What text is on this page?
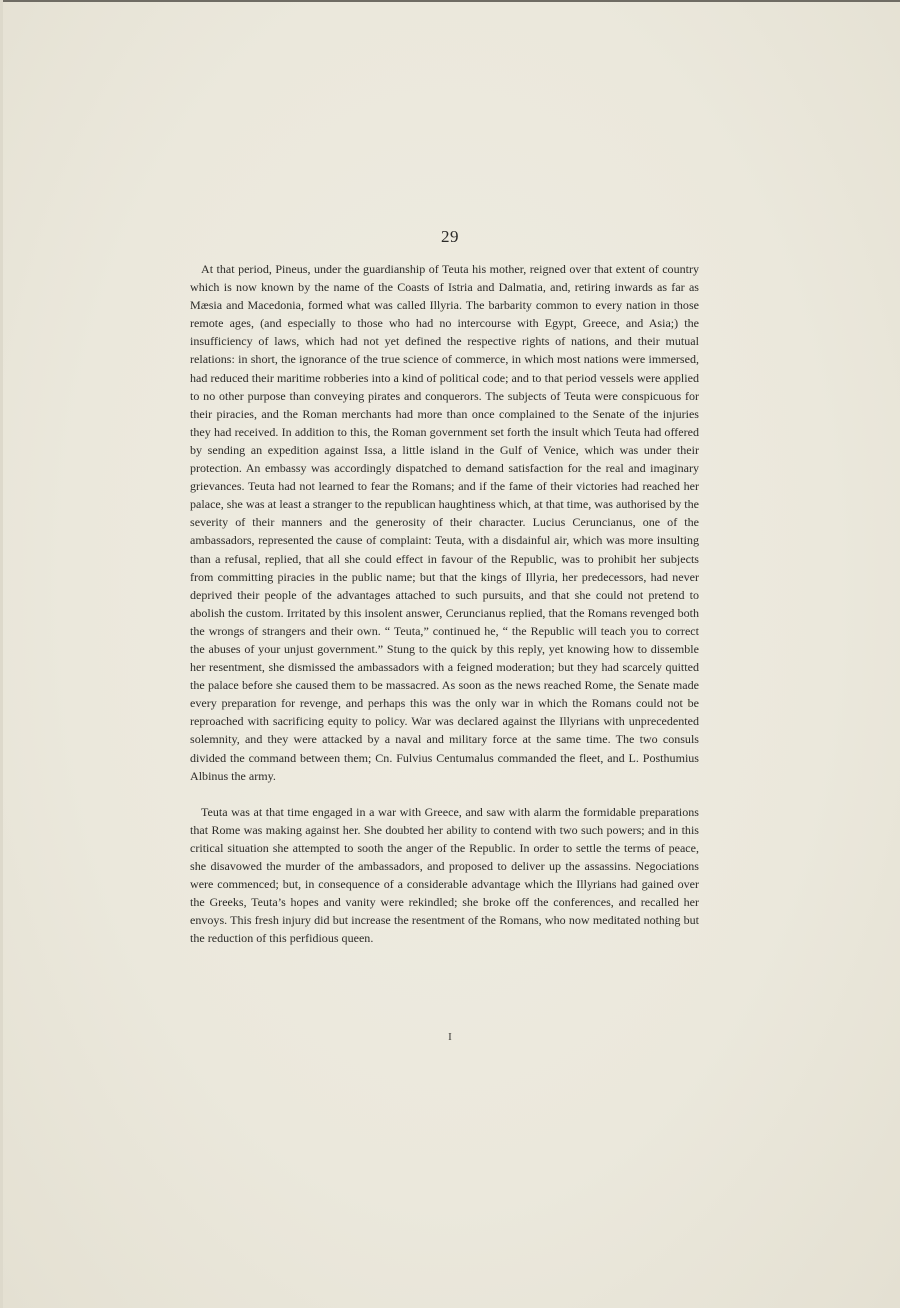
29

At that period, Pineus, under the guardianship of Teuta his mother, reigned over that extent of country which is now known by the name of the Coasts of Istria and Dalmatia, and, retiring inwards as far as Mæsia and Macedonia, formed what was called Illyria. The barbarity common to every nation in those remote ages, (and especially to those who had no intercourse with Egypt, Greece, and Asia;) the insufficiency of laws, which had not yet defined the respective rights of nations, and their mutual relations: in short, the ignorance of the true science of commerce, in which most nations were immersed, had reduced their maritime robberies into a kind of political code; and to that period vessels were applied to no other purpose than conveying pirates and conquerors. The subjects of Teuta were conspicuous for their piracies, and the Roman merchants had more than once complained to the Senate of the injuries they had received. In addition to this, the Roman government set forth the insult which Teuta had offered by sending an expedition against Issa, a little island in the Gulf of Venice, which was under their protection. An embassy was accordingly dispatched to demand satisfaction for the real and imaginary grievances. Teuta had not learned to fear the Romans; and if the fame of their victories had reached her palace, she was at least a stranger to the republican haughtiness which, at that time, was authorised by the severity of their manners and the generosity of their character. Lucius Ceruncianus, one of the ambassadors, represented the cause of complaint: Teuta, with a disdainful air, which was more insulting than a refusal, replied, that all she could effect in favour of the Republic, was to prohibit her subjects from committing piracies in the public name; but that the kings of Illyria, her predecessors, had never deprived their people of the advantages attached to such pursuits, and that she could not pretend to abolish the custom. Irritated by this insolent answer, Ceruncianus replied, that the Romans revenged both the wrongs of strangers and their own. “ Teuta,” continued he, “ the Republic will teach you to correct the abuses of your unjust government.” Stung to the quick by this reply, yet knowing how to dissemble her resentment, she dismissed the ambassadors with a feigned moderation; but they had scarcely quitted the palace before she caused them to be massacred. As soon as the news reached Rome, the Senate made every preparation for revenge, and perhaps this was the only war in which the Romans could not be reproached with sacrificing equity to policy. War was declared against the Illyrians with unprecedented solemnity, and they were attacked by a naval and military force at the same time. The two consuls divided the command between them; Cn. Fulvius Centumalus commanded the fleet, and L. Posthumius Albinus the army.

Teuta was at that time engaged in a war with Greece, and saw with alarm the formidable preparations that Rome was making against her. She doubted her ability to contend with two such powers; and in this critical situation she attempted to sooth the anger of the Republic. In order to settle the terms of peace, she disavowed the murder of the ambassadors, and proposed to deliver up the assassins. Negociations were commenced; but, in consequence of a considerable advantage which the Illyrians had gained over the Greeks, Teuta’s hopes and vanity were rekindled; she broke off the conferences, and recalled her envoys. This fresh injury did but increase the resentment of the Romans, who now meditated nothing but the reduction of this perfidious queen.

I
